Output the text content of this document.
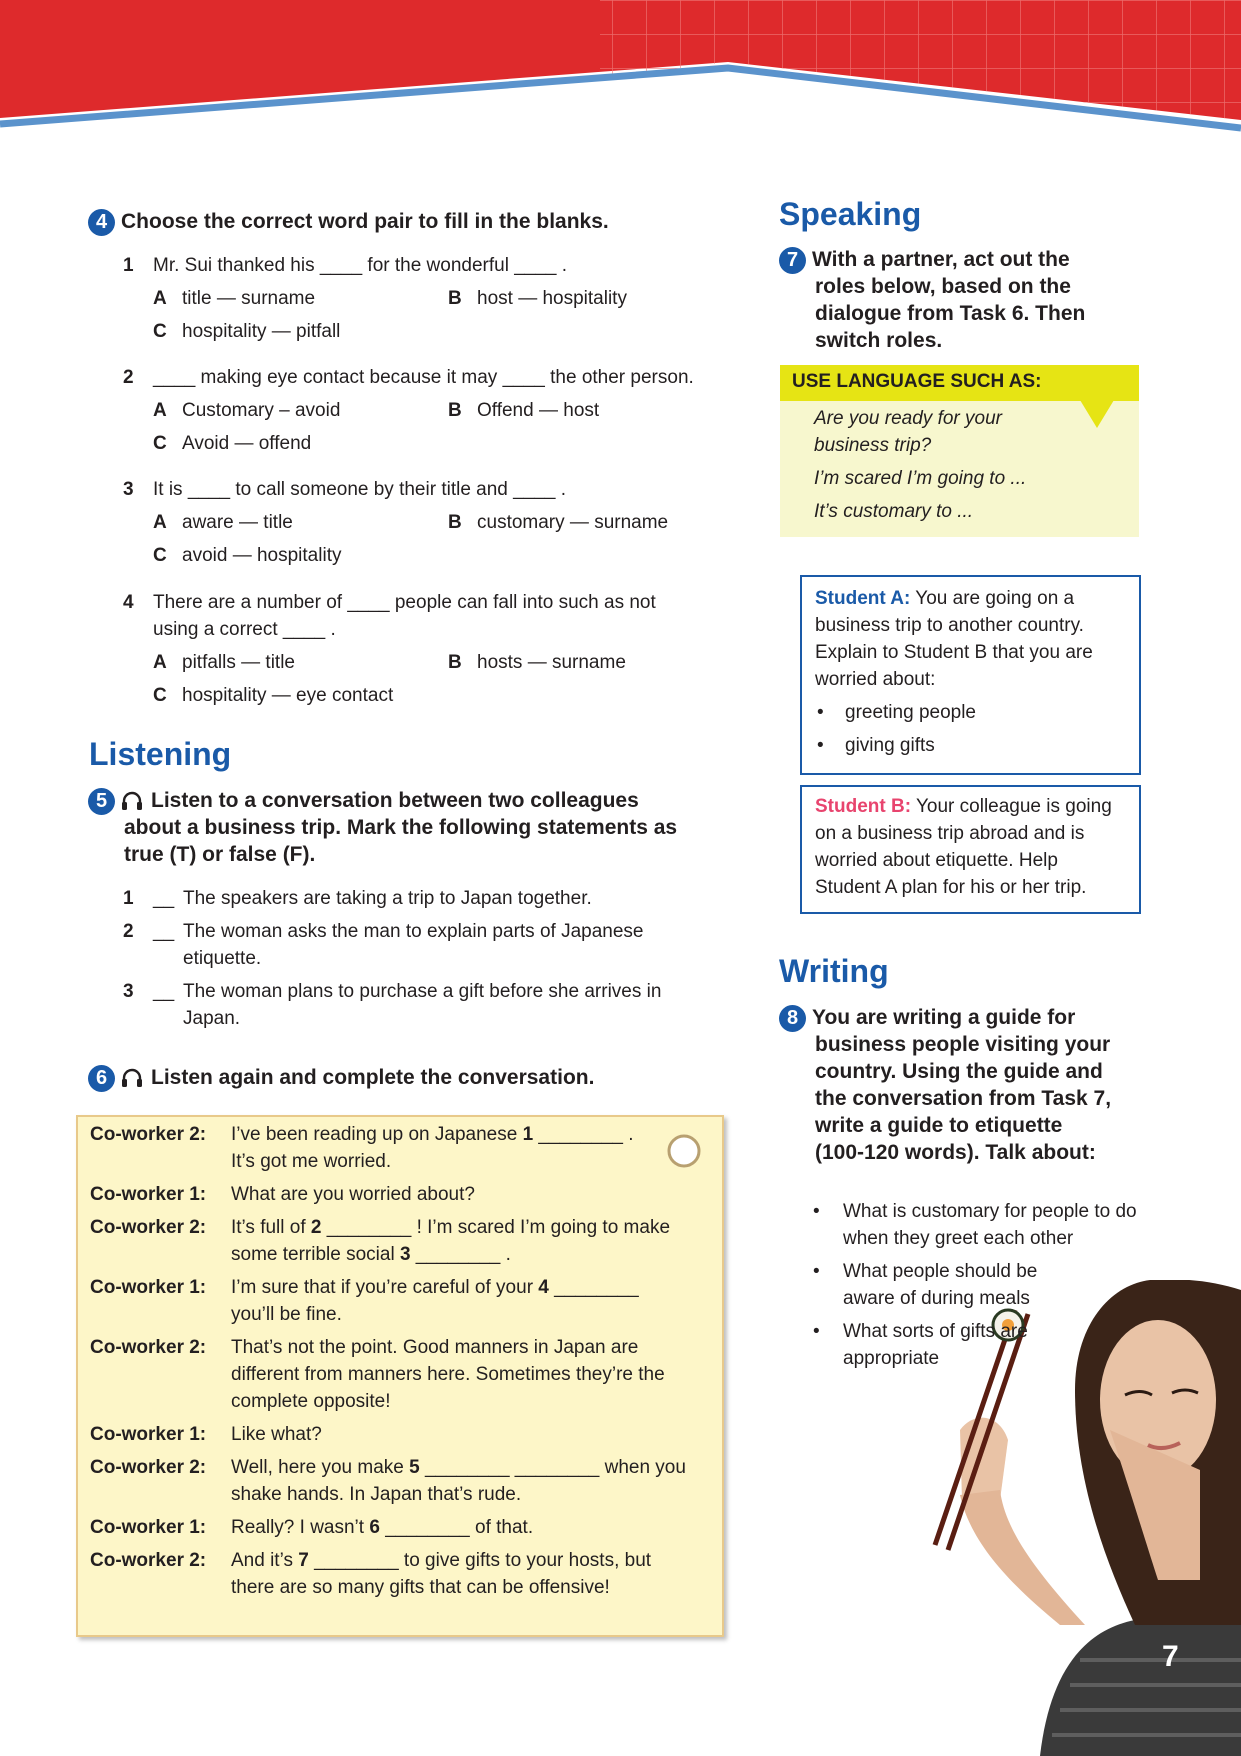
4 Choose the correct word pair to fill in the blanks.
1 Mr. Sui thanked his ____ for the wonderful ____ .
A title — surname	B host — hospitality
C hospitality — pitfall
2 ____ making eye contact because it may ____ the other person.
A Customary – avoid	B Offend — host
C Avoid — offend
3 It is ____ to call someone by their title and ____ .
A aware — title	B customary — surname
C avoid — hospitality
4 There are a number of ____ people can fall into such as not
using a correct ____ .
A pitfalls — title	B hosts — surname
C hospitality — eye contact
Listening
5 Listen to a conversation between two colleagues
about a business trip. Mark the following statements as
true (T) or false (F).
1 __ The speakers are taking a trip to Japan together.
2 __ The woman asks the man to explain parts of Japanese
etiquette.
3 __ The woman plans to purchase a gift before she arrives in
Japan.
6 Listen again and complete the conversation.
Co-worker 2: I’ve been reading up on Japanese 1 ________ .
It’s got me worried.
Co-worker 1: What are you worried about?
Co-worker 2: It’s full of 2 ________ ! I’m scared I’m going to make
some terrible social 3 ________ .
Co-worker 1: I’m sure that if you’re careful of your 4 ________
you’ll be fine.
Co-worker 2: That’s not the point. Good manners in Japan are
different from manners here. Sometimes they’re the
complete opposite!
Co-worker 1: Like what?
Co-worker 2: Well, here you make 5 ________ ________ when you
shake hands. In Japan that’s rude.
Co-worker 1: Really? I wasn’t 6 ________ of that.
Co-worker 2: And it’s 7 ________ to give gifts to your hosts, but
there are so many gifts that can be offensive!
Speaking
7 With a partner, act out the
roles below, based on the
dialogue from Task 6. Then
switch roles.
USE LANGUAGE SUCH AS:
Are you ready for your
business trip?
I’m scared I’m going to ...
It’s customary to ...
Student A: You are going on a
business trip to another country.
Explain to Student B that you are
worried about:
• greeting people
• giving gifts
Student B: Your colleague is going
on a business trip abroad and is
worried about etiquette. Help
Student A plan for his or her trip.
Writing
8 You are writing a guide for
business people visiting your
country. Using the guide and
the conversation from Task 7,
write a guide to etiquette
(100-120 words). Talk about:
• What is customary for people to do
when they greet each other
• What people should be
aware of during meals
• What sorts of gifts are
appropriate
7
